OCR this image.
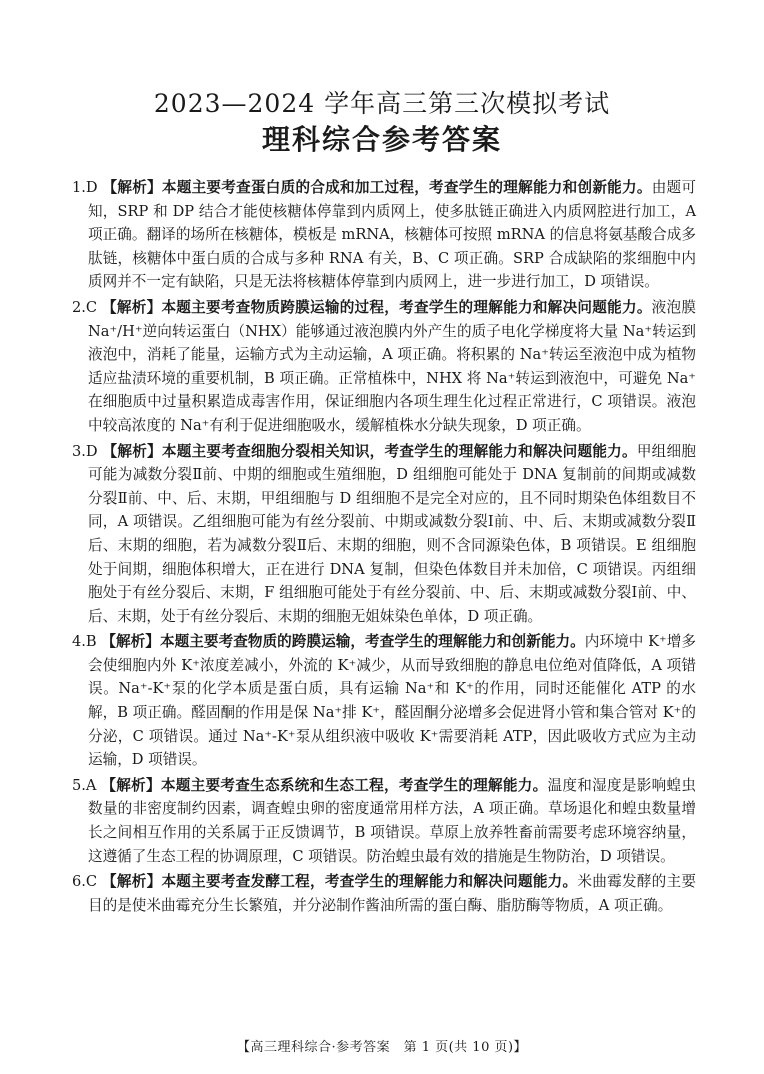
2023—2024 学年高三第三次模拟考试
理科综合参考答案

1.D 【解析】本题主要考查蛋白质的合成和加工过程，考查学生的理解能力和创新能力。由题可知，SRP 和 DP 结合才能使核糖体停靠到内质网上，使多肽链正确进入内质网腔进行加工，A 项正确。翻译的场所在核糖体，模板是 mRNA，核糖体可按照 mRNA 的信息将氨基酸合成多肽链，核糖体中蛋白质的合成与多种 RNA 有关，B、C 项正确。SRP 合成缺陷的浆细胞中内质网并不一定有缺陷，只是无法将核糖体停靠到内质网上，进一步进行加工，D 项错误。

2.C 【解析】本题主要考查物质跨膜运输的过程，考查学生的理解能力和解决问题能力。液泡膜 Na⁺/H⁺逆向转运蛋白（NHX）能够通过液泡膜内外产生的质子电化学梯度将大量 Na⁺转运到液泡中，消耗了能量，运输方式为主动运输，A 项正确。将积累的 Na⁺转运至液泡中成为植物适应盐渍环境的重要机制，B 项正确。正常植株中，NHX 将 Na⁺转运到液泡中，可避免 Na⁺在细胞质中过量积累造成毒害作用，保证细胞内各项生理生化过程正常进行，C 项错误。液泡中较高浓度的 Na⁺有利于促进细胞吸水，缓解植株水分缺失现象，D 项正确。

3.D 【解析】本题主要考查细胞分裂相关知识，考查学生的理解能力和解决问题能力。甲组细胞可能为减数分裂Ⅱ前、中期的细胞或生殖细胞，D 组细胞可能处于 DNA 复制前的间期或减数分裂Ⅱ前、中、后、末期，甲组细胞与 D 组细胞不是完全对应的，且不同时期染色体组数目不同，A 项错误。乙组细胞可能为有丝分裂前、中期或减数分裂Ⅰ前、中、后、末期或减数分裂Ⅱ后、末期的细胞，若为减数分裂Ⅱ后、末期的细胞，则不含同源染色体，B 项错误。E 组细胞处于间期，细胞体积增大，正在进行 DNA 复制，但染色体数目并未加倍，C 项错误。丙组细胞处于有丝分裂后、末期，F 组细胞可能处于有丝分裂前、中、后、末期或减数分裂Ⅰ前、中、后、末期，处于有丝分裂后、末期的细胞无姐妹染色单体，D 项正确。

4.B 【解析】本题主要考查物质的跨膜运输，考查学生的理解能力和创新能力。内环境中 K⁺增多会使细胞内外 K⁺浓度差减小，外流的 K⁺减少，从而导致细胞的静息电位绝对值降低，A 项错误。Na⁺-K⁺泵的化学本质是蛋白质，具有运输 Na⁺和 K⁺的作用，同时还能催化 ATP 的水解，B 项正确。醛固酮的作用是保 Na⁺排 K⁺，醛固酮分泌增多会促进肾小管和集合管对 K⁺的分泌，C 项错误。通过 Na⁺-K⁺泵从组织液中吸收 K⁺需要消耗 ATP，因此吸收方式应为主动运输，D 项错误。

5.A 【解析】本题主要考查生态系统和生态工程，考查学生的理解能力。温度和湿度是影响蝗虫数量的非密度制约因素，调查蝗虫卵的密度通常用样方法，A 项正确。草场退化和蝗虫数量增长之间相互作用的关系属于正反馈调节，B 项错误。草原上放养牲畜前需要考虑环境容纳量，这遵循了生态工程的协调原理，C 项错误。防治蝗虫最有效的措施是生物防治，D 项错误。

6.C 【解析】本题主要考查发酵工程，考查学生的理解能力和解决问题能力。米曲霉发酵的主要目的是使米曲霉充分生长繁殖，并分泌制作酱油所需的蛋白酶、脂肪酶等物质，A 项正确。

【高三理科综合·参考答案　第 1 页(共 10 页)】
